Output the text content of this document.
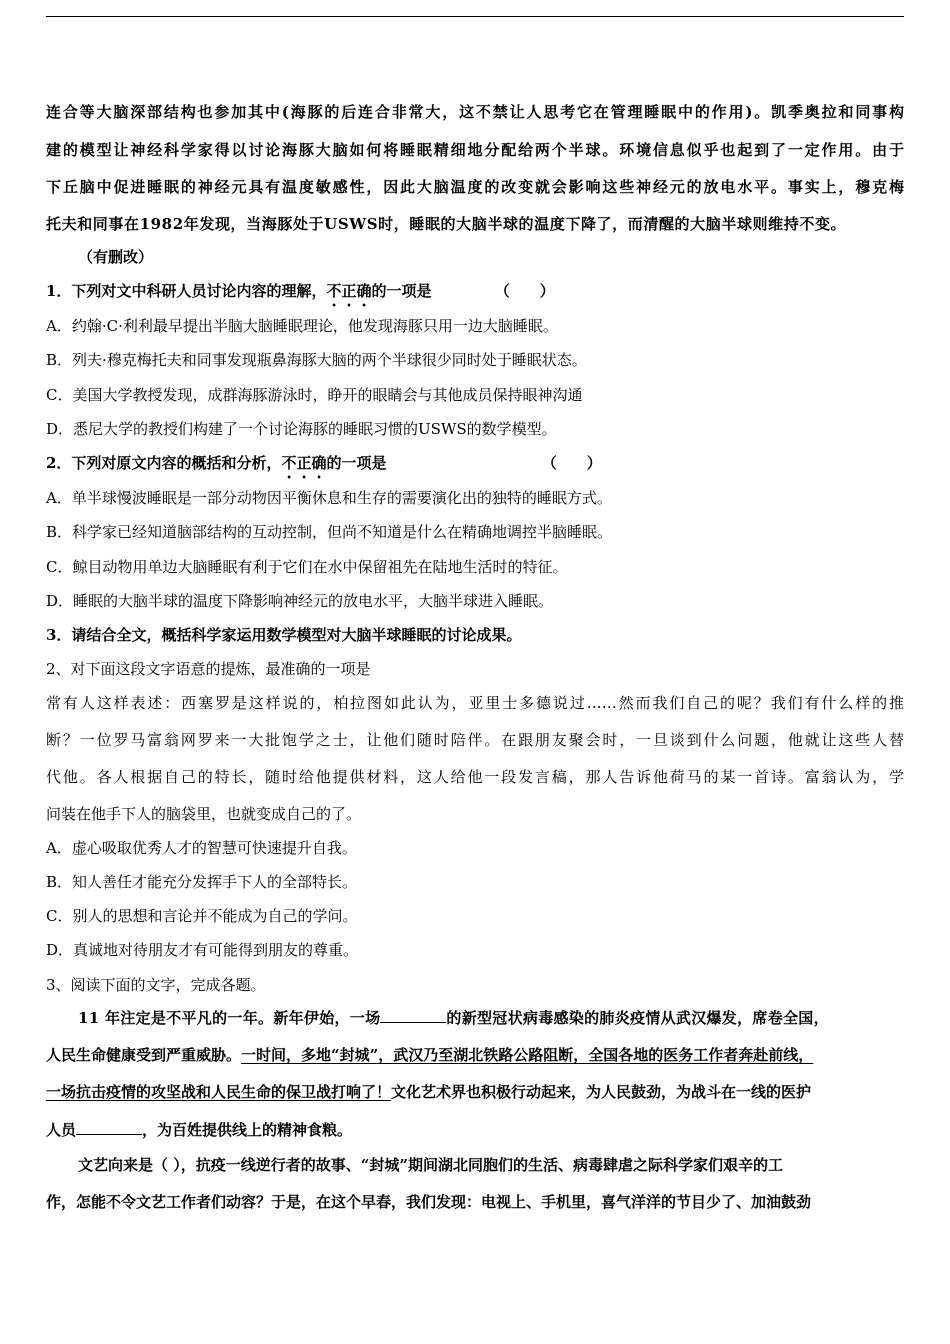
连合等大脑深部结构也参加其中(海豚的后连合非常大，这不禁让人思考它在管理睡眠中的作用)。凯季奥拉和同事构
建的模型让神经科学家得以讨论海豚大脑如何将睡眠精细地分配给两个半球。环境信息似乎也起到了一定作用。由于
下丘脑中促进睡眠的神经元具有温度敏感性，因此大脑温度的改变就会影响这些神经元的放电水平。事实上，穆克梅
托夫和同事在1982年发现，当海豚处于USWS时，睡眠的大脑半球的温度下降了，而清醒的大脑半球则维持不变。
（有删改）
1．下列对文中科研人员讨论内容的理解，不正确的一项是	（　　）
A．约翰·C·利利最早提出半脑大脑睡眠理论，他发现海豚只用一边大脑睡眠。
B．列夫·穆克梅托夫和同事发现瓶鼻海豚大脑的两个半球很少同时处于睡眠状态。
C．美国大学教授发现，成群海豚游泳时，睁开的眼睛会与其他成员保持眼神沟通
D．悉尼大学的教授们构建了一个讨论海豚的睡眠习惯的USWS的数学模型。
2．下列对原文内容的概括和分析，不正确的一项是	（　　）
A．单半球慢波睡眠是一部分动物因平衡休息和生存的需要演化出的独特的睡眠方式。
B．科学家已经知道脑部结构的互动控制，但尚不知道是什么在精确地调控半脑睡眠。
C．鲸目动物用单边大脑睡眠有利于它们在水中保留祖先在陆地生活时的特征。
D．睡眠的大脑半球的温度下降影响神经元的放电水平，大脑半球进入睡眠。
3．请结合全文，概括科学家运用数学模型对大脑半球睡眠的讨论成果。
2、对下面这段文字语意的提炼，最准确的一项是
常有人这样表述：西塞罗是这样说的，柏拉图如此认为，亚里士多德说过……然而我们自己的呢？我们有什么样的推
断？一位罗马富翁网罗来一大批饱学之士，让他们随时陪伴。在跟朋友聚会时，一旦谈到什么问题，他就让这些人替
代他。各人根据自己的特长，随时给他提供材料，这人给他一段发言稿，那人告诉他荷马的某一首诗。富翁认为，学
问装在他手下人的脑袋里，也就变成自己的了。
A．虚心吸取优秀人才的智慧可快速提升自我。
B．知人善任才能充分发挥手下人的全部特长。
C．别人的思想和言论并不能成为自己的学问。
D．真诚地对待朋友才有可能得到朋友的尊重。
3、阅读下面的文字，完成各题。
11 年注定是不平凡的一年。新年伊始，一场	的新型冠状病毒感染的肺炎疫情从武汉爆发，席卷全国，
人民生命健康受到严重威胁。一时间，多地“封城”，武汉乃至湖北铁路公路阻断，全国各地的医务工作者奔赴前线，
一场抗击疫情的攻坚战和人民生命的保卫战打响了！文化艺术界也积极行动起来，为人民鼓劲，为战斗在一线的医护
人员	，为百姓提供线上的精神食粮。
文艺向来是（ ），抗疫一线逆行者的故事、“封城”期间湖北同胞们的生活、病毒肆虐之际科学家们艰辛的工
作，怎能不令文艺工作者们动容？于是，在这个早春，我们发现：电视上、手机里，喜气洋洋的节目少了、加油鼓劲
